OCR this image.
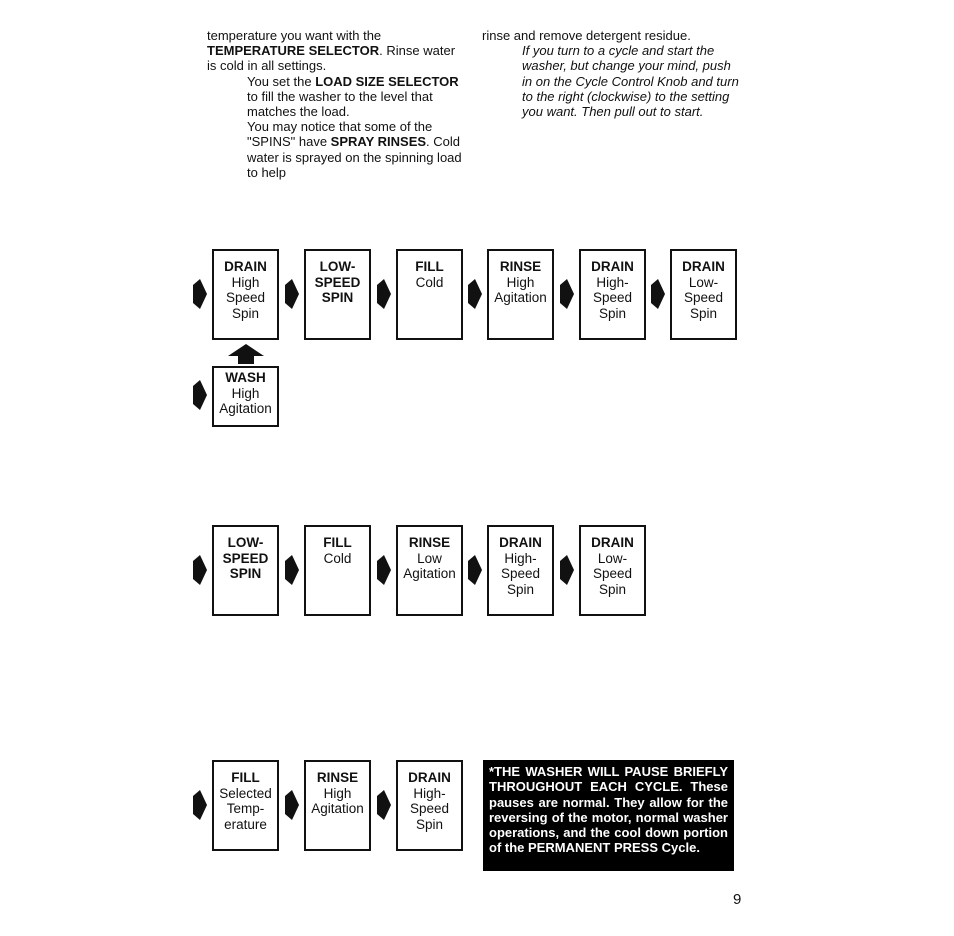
temperature you want with the TEMPERATURE SELECTOR. Rinse water is cold in all settings.
You set the LOAD SIZE SELECTOR to fill the washer to the level that matches the load.
You may notice that some of the "SPINS" have SPRAY RINSES. Cold water is sprayed on the spinning load to help
rinse and remove detergent residue.
If you turn to a cycle and start the washer, but change your mind, push in on the Cycle Control Knob and turn to the right (clockwise) to the setting you want. Then pull out to start.
DRAIN
High
Speed
Spin
LOW-
SPEED
SPIN
FILL
Cold
RINSE
High
Agitation
DRAIN
High-
Speed
Spin
DRAIN
Low-
Speed
Spin
WASH
High
Agitation
LOW-
SPEED
SPIN
FILL
Cold
RINSE
Low
Agitation
DRAIN
High-
Speed
Spin
DRAIN
Low-
Speed
Spin
FILL
Selected
Temp-
erature
RINSE
High
Agitation
DRAIN
High-
Speed
Spin
*THE WASHER WILL PAUSE BRIEFLY THROUGHOUT EACH CYCLE. These pauses are normal. They allow for the reversing of the motor, normal washer operations, and the cool down portion of the PERMANENT PRESS Cycle.
9
